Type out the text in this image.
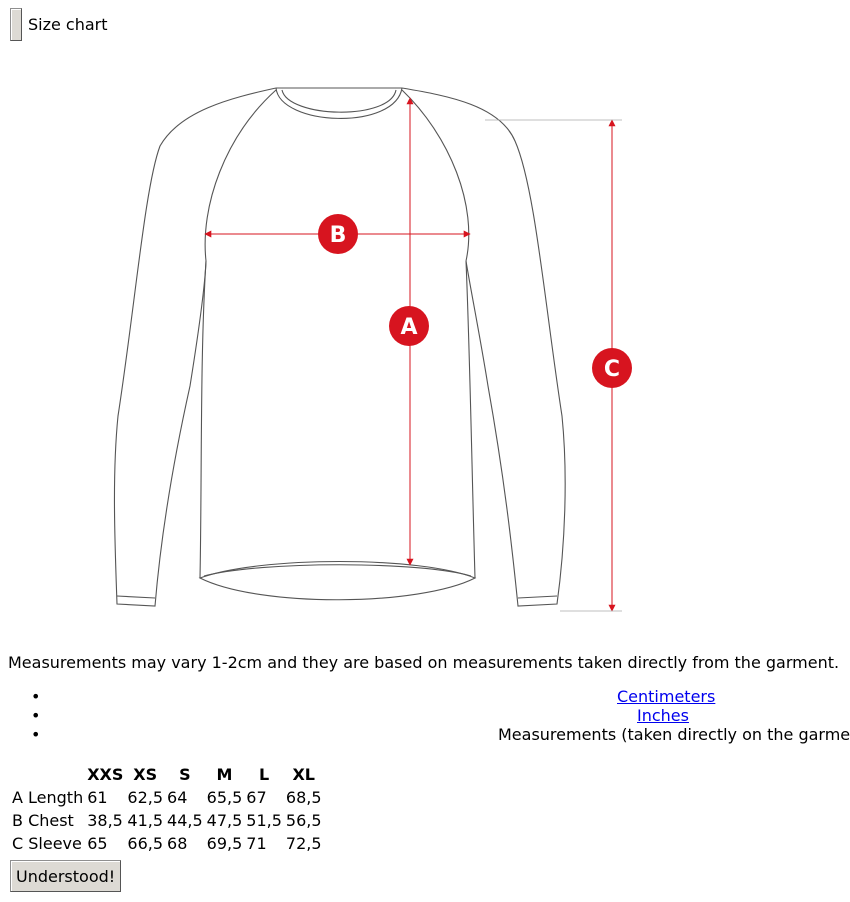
Size chart
B
A
C
Measurements may vary 1-2cm and they are based on measurements taken directly from the garment.
• Centimeters
• Inches
• Measurements (taken directly on the garme
	XXS	XS	S	M	L	XL
A Length	61	62,5	64	65,5	67	68,5
B Chest	38,5	41,5	44,5	47,5	51,5	56,5
C Sleeve	65	66,5	68	69,5	71	72,5
Understood!
